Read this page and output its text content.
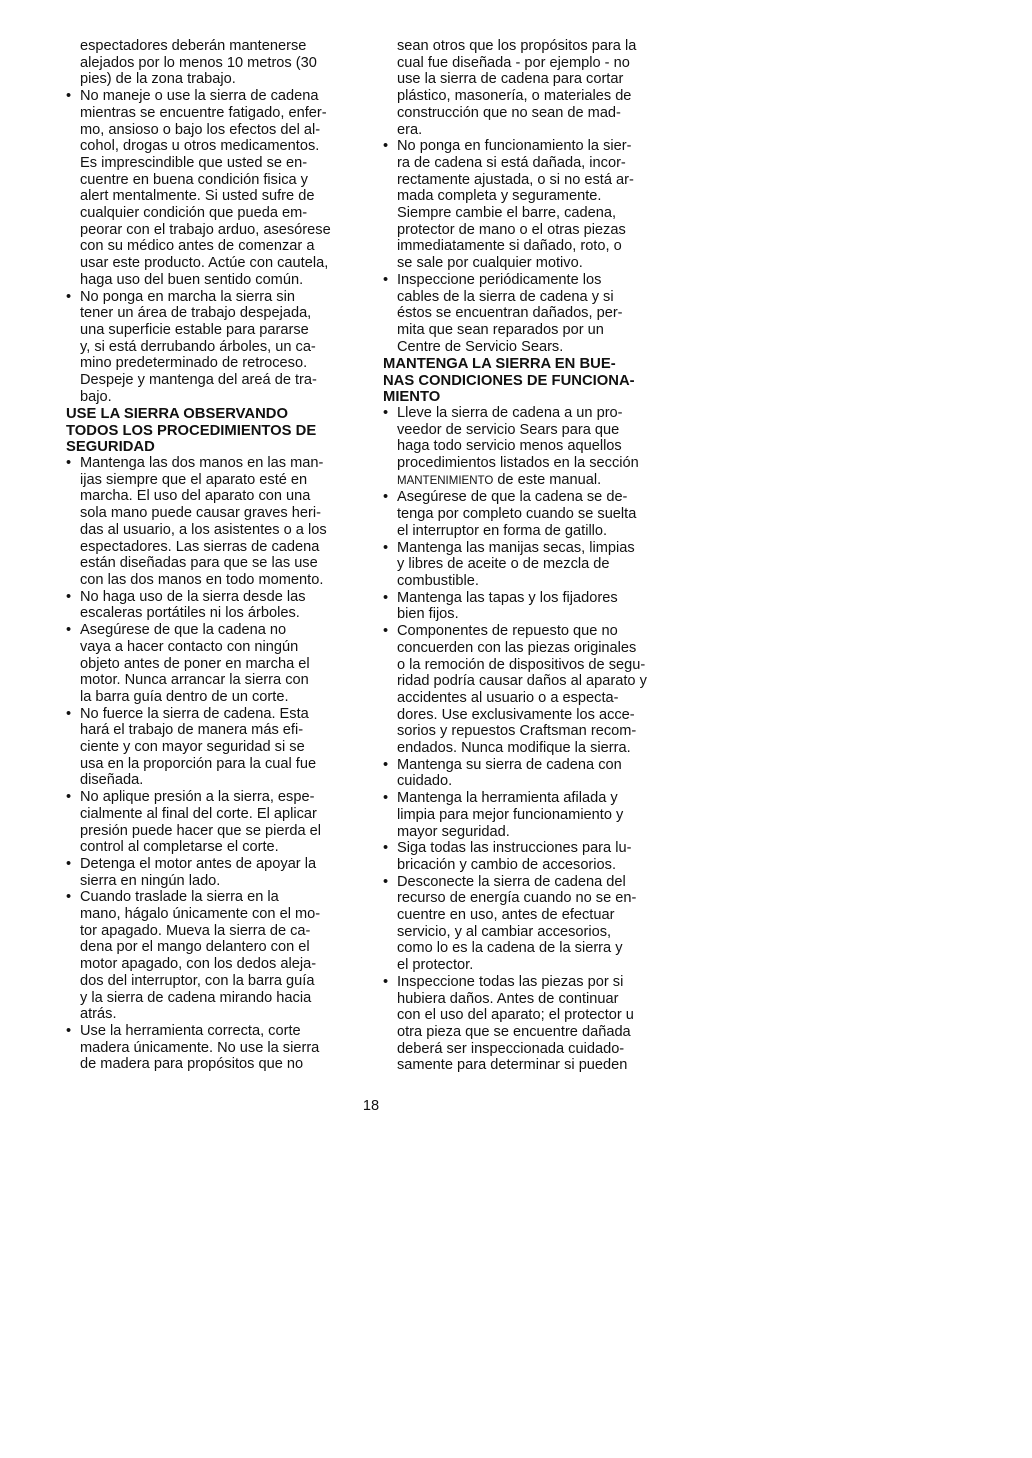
espectadores deberán mantenerse
alejados por lo menos 10 metros (30
pies) de la zona trabajo.
• No maneje o use la sierra de cadena
mientras se encuentre fatigado, enfer-
mo, ansioso o bajo los efectos del al-
cohol, drogas u otros medicamentos.
Es imprescindible que usted se en-
cuentre en buena condición fisica y
alert mentalmente. Si usted sufre de
cualquier condición que pueda em-
peorar con el trabajo arduo, asesórese
con su médico antes de comenzar a
usar este producto. Actúe con cautela,
haga uso del buen sentido común.
• No ponga en marcha la sierra sin
tener un área de trabajo despejada,
una superficie estable para pararse
y, si está derrubando árboles, un ca-
mino predeterminado de retroceso.
Despeje y mantenga del areá de tra-
bajo.
USE LA SIERRA OBSERVANDO
TODOS LOS PROCEDIMIENTOS DE
SEGURIDAD
• Mantenga las dos manos en las man-
ijas siempre que el aparato esté en
marcha. El uso del aparato con una
sola mano puede causar graves heri-
das al usuario, a los asistentes o a los
espectadores. Las sierras de cadena
están diseñadas para que se las use
con las dos manos en todo momento.
• No haga uso de la sierra desde las
escaleras portátiles ni los árboles.
• Asegúrese de que la cadena no
vaya a hacer contacto con ningún
objeto antes de poner en marcha el
motor. Nunca arrancar la sierra con
la barra guía dentro de un corte.
• No fuerce la sierra de cadena. Esta
hará el trabajo de manera más efi-
ciente y con mayor seguridad si se
usa en la proporción para la cual fue
diseñada.
• No aplique presión a la sierra, espe-
cialmente al final del corte. El aplicar
presión puede hacer que se pierda el
control al completarse el corte.
• Detenga el motor antes de apoyar la
sierra en ningún lado.
• Cuando traslade la sierra en la
mano, hágalo únicamente con el mo-
tor apagado. Mueva la sierra de ca-
dena por el mango delantero con el
motor apagado, con los dedos aleja-
dos del interruptor, con la barra guía
y la sierra de cadena mirando hacia
atrás.
• Use la herramienta correcta, corte
madera únicamente. No use la sierra
de madera para propósitos que no
sean otros que los propósitos para la
cual fue diseñada - por ejemplo - no
use la sierra de cadena para cortar
plástico, masonería, o materiales de
construcción que no sean de mad-
era.
• No ponga en funcionamiento la sier-
ra de cadena si está dañada, incor-
rectamente ajustada, o si no está ar-
mada completa y seguramente.
Siempre cambie el barre, cadena,
protector de mano o el otras piezas
immediatamente si dañado, roto, o
se sale por cualquier motivo.
• Inspeccione periódicamente los
cables de la sierra de cadena y si
éstos se encuentran dañados, per-
mita que sean reparados por un
Centre de Servicio Sears.
MANTENGA LA SIERRA EN BUE-
NAS CONDICIONES DE FUNCIONA-
MIENTO
• Lleve la sierra de cadena a un pro-
veedor de servicio Sears para que
haga todo servicio menos aquellos
procedimientos listados en la sección
MANTENIMIENTO de este manual.
• Asegúrese de que la cadena se de-
tenga por completo cuando se suelta
el interruptor en forma de gatillo.
• Mantenga las manijas secas, limpias
y libres de aceite o de mezcla de
combustible.
• Mantenga las tapas y los fijadores
bien fijos.
• Componentes de repuesto que no
concuerden con las piezas originales
o la remoción de dispositivos de segu-
ridad podría causar daños al aparato y
accidentes al usuario o a especta-
dores. Use exclusivamente los acce-
sorios y repuestos Craftsman recom-
endados. Nunca modifique la sierra.
• Mantenga su sierra de cadena con
cuidado.
• Mantenga la herramienta afilada y
limpia para mejor funcionamiento y
mayor seguridad.
• Siga todas las instrucciones para lu-
bricación y cambio de accesorios.
• Desconecte la sierra de cadena del
recurso de energía cuando no se en-
cuentre en uso, antes de efectuar
servicio, y al cambiar accesorios,
como lo es la cadena de la sierra y
el protector.
• Inspeccione todas las piezas por si
hubiera daños. Antes de continuar
con el uso del aparato; el protector u
otra pieza que se encuentre dañada
deberá ser inspeccionada cuidado-
samente para determinar si pueden
18
